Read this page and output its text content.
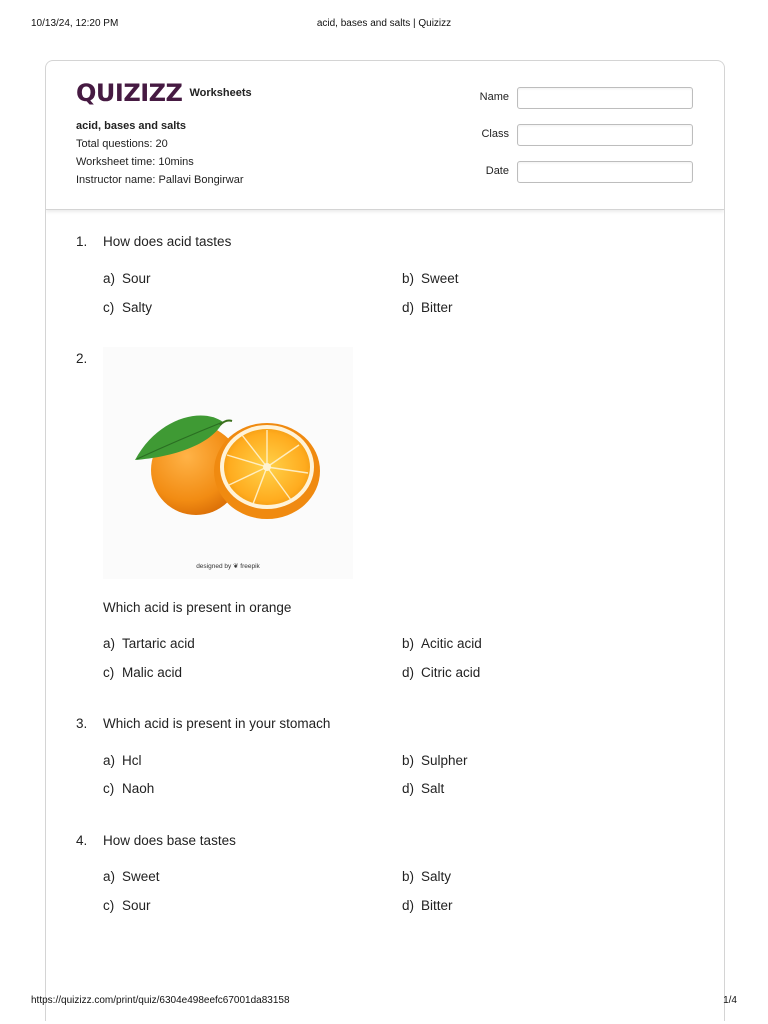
10/13/24, 12:20 PM	acid, bases and salts | Quizizz
QUIZIZZ Worksheets
acid, bases and salts
Total questions: 20
Worksheet time: 10mins
Instructor name: Pallavi Bongirwar
Name
Class
Date
1. How does acid tastes
a) Sour	b) Sweet
c) Salty	d) Bitter
2.
designed by ❦ freepik
Which acid is present in orange
a) Tartaric acid	b) Acitic acid
c) Malic acid	d) Citric acid
3. Which acid is present in your stomach
a) Hcl	b) Sulpher
c) Naoh	d) Salt
4. How does base tastes
a) Sweet	b) Salty
c) Sour	d) Bitter
https://quizizz.com/print/quiz/6304e498eefc67001da83158	1/4
